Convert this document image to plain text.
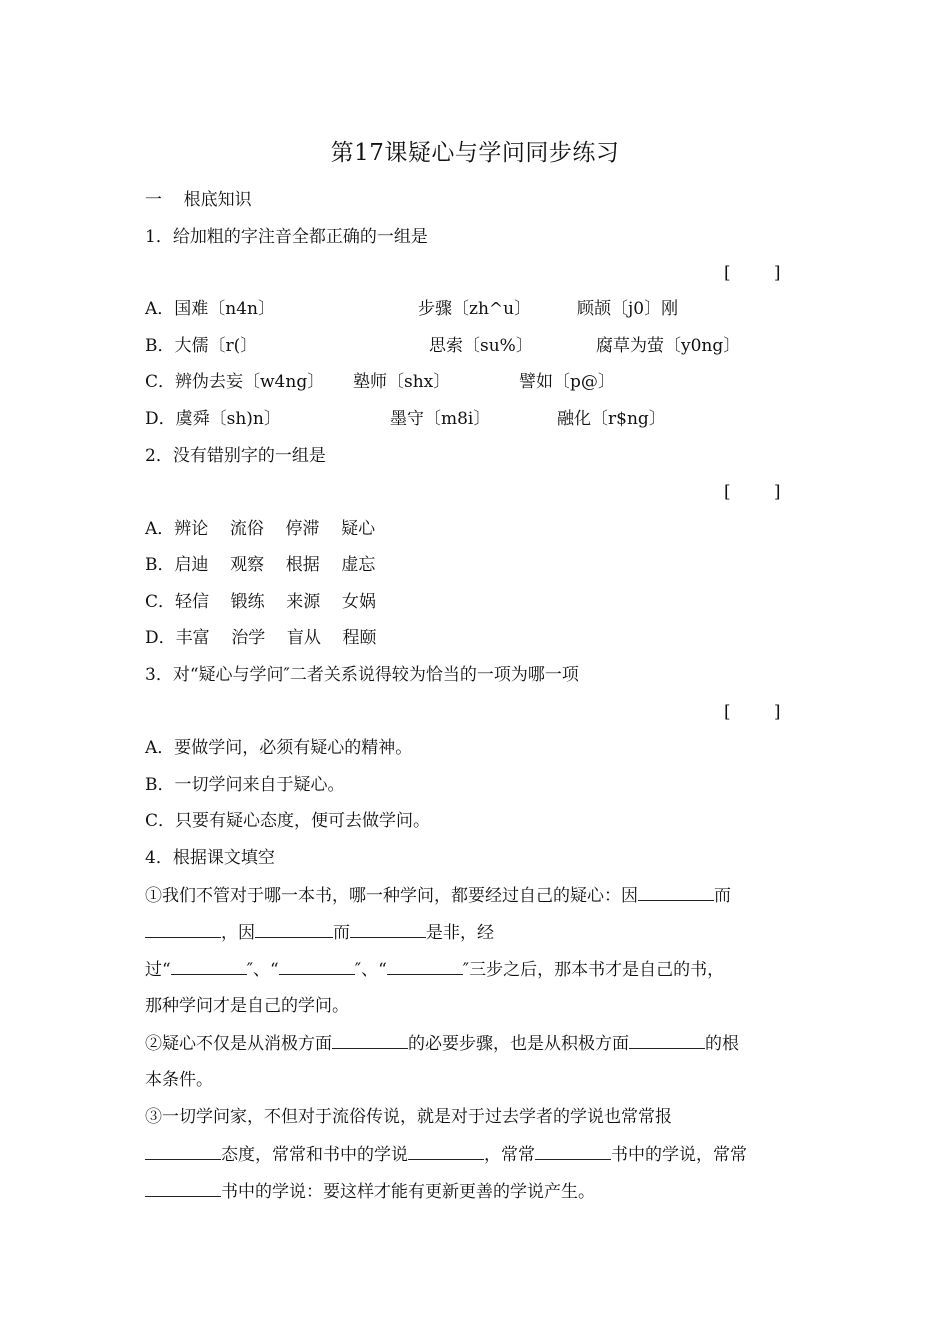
第17课疑心与学问同步练习
一    根底知识
1．给加粗的字注音全都正确的一组是
[        ]
A．国难〔n4n〕	步骤〔zh^u〕	顾颉〔j0〕刚
B．大儒〔r(〕	思索〔su%〕	腐草为萤〔y0ng〕
C．辨伪去妄〔w4ng〕 塾师〔shx〕	譬如〔p@〕
D．虞舜〔sh)n〕	墨守〔m8i〕	融化〔r$ng〕
2．没有错别字的一组是
[        ]
A．辨论    流俗    停滞    疑心
B．启迪    观察    根据    虚忘
C．轻信    锻练    来源    女娲
D．丰富    治学    盲从    程颐
3．对“疑心与学问″二者关系说得较为恰当的一项为哪一项
[        ]
A．要做学问，必须有疑心的精神。
B．一切学问来自于疑心。
C．只要有疑心态度，便可去做学问。
4．根据课文填空
①我们不管对于哪一本书，哪一种学问，都要经过自己的疑心：因	而
，因	而	是非，经
过“	″、“	″、“	″三步之后，那本书才是自己的书，
那种学问才是自己的学问。
②疑心不仅是从消极方面	的必要步骤，也是从积极方面	的根
本条件。
③一切学问家，不但对于流俗传说，就是对于过去学者的学说也常常报
态度，常常和书中的学说	，常常	书中的学说，常常
书中的学说：要这样才能有更新更善的学说产生。
